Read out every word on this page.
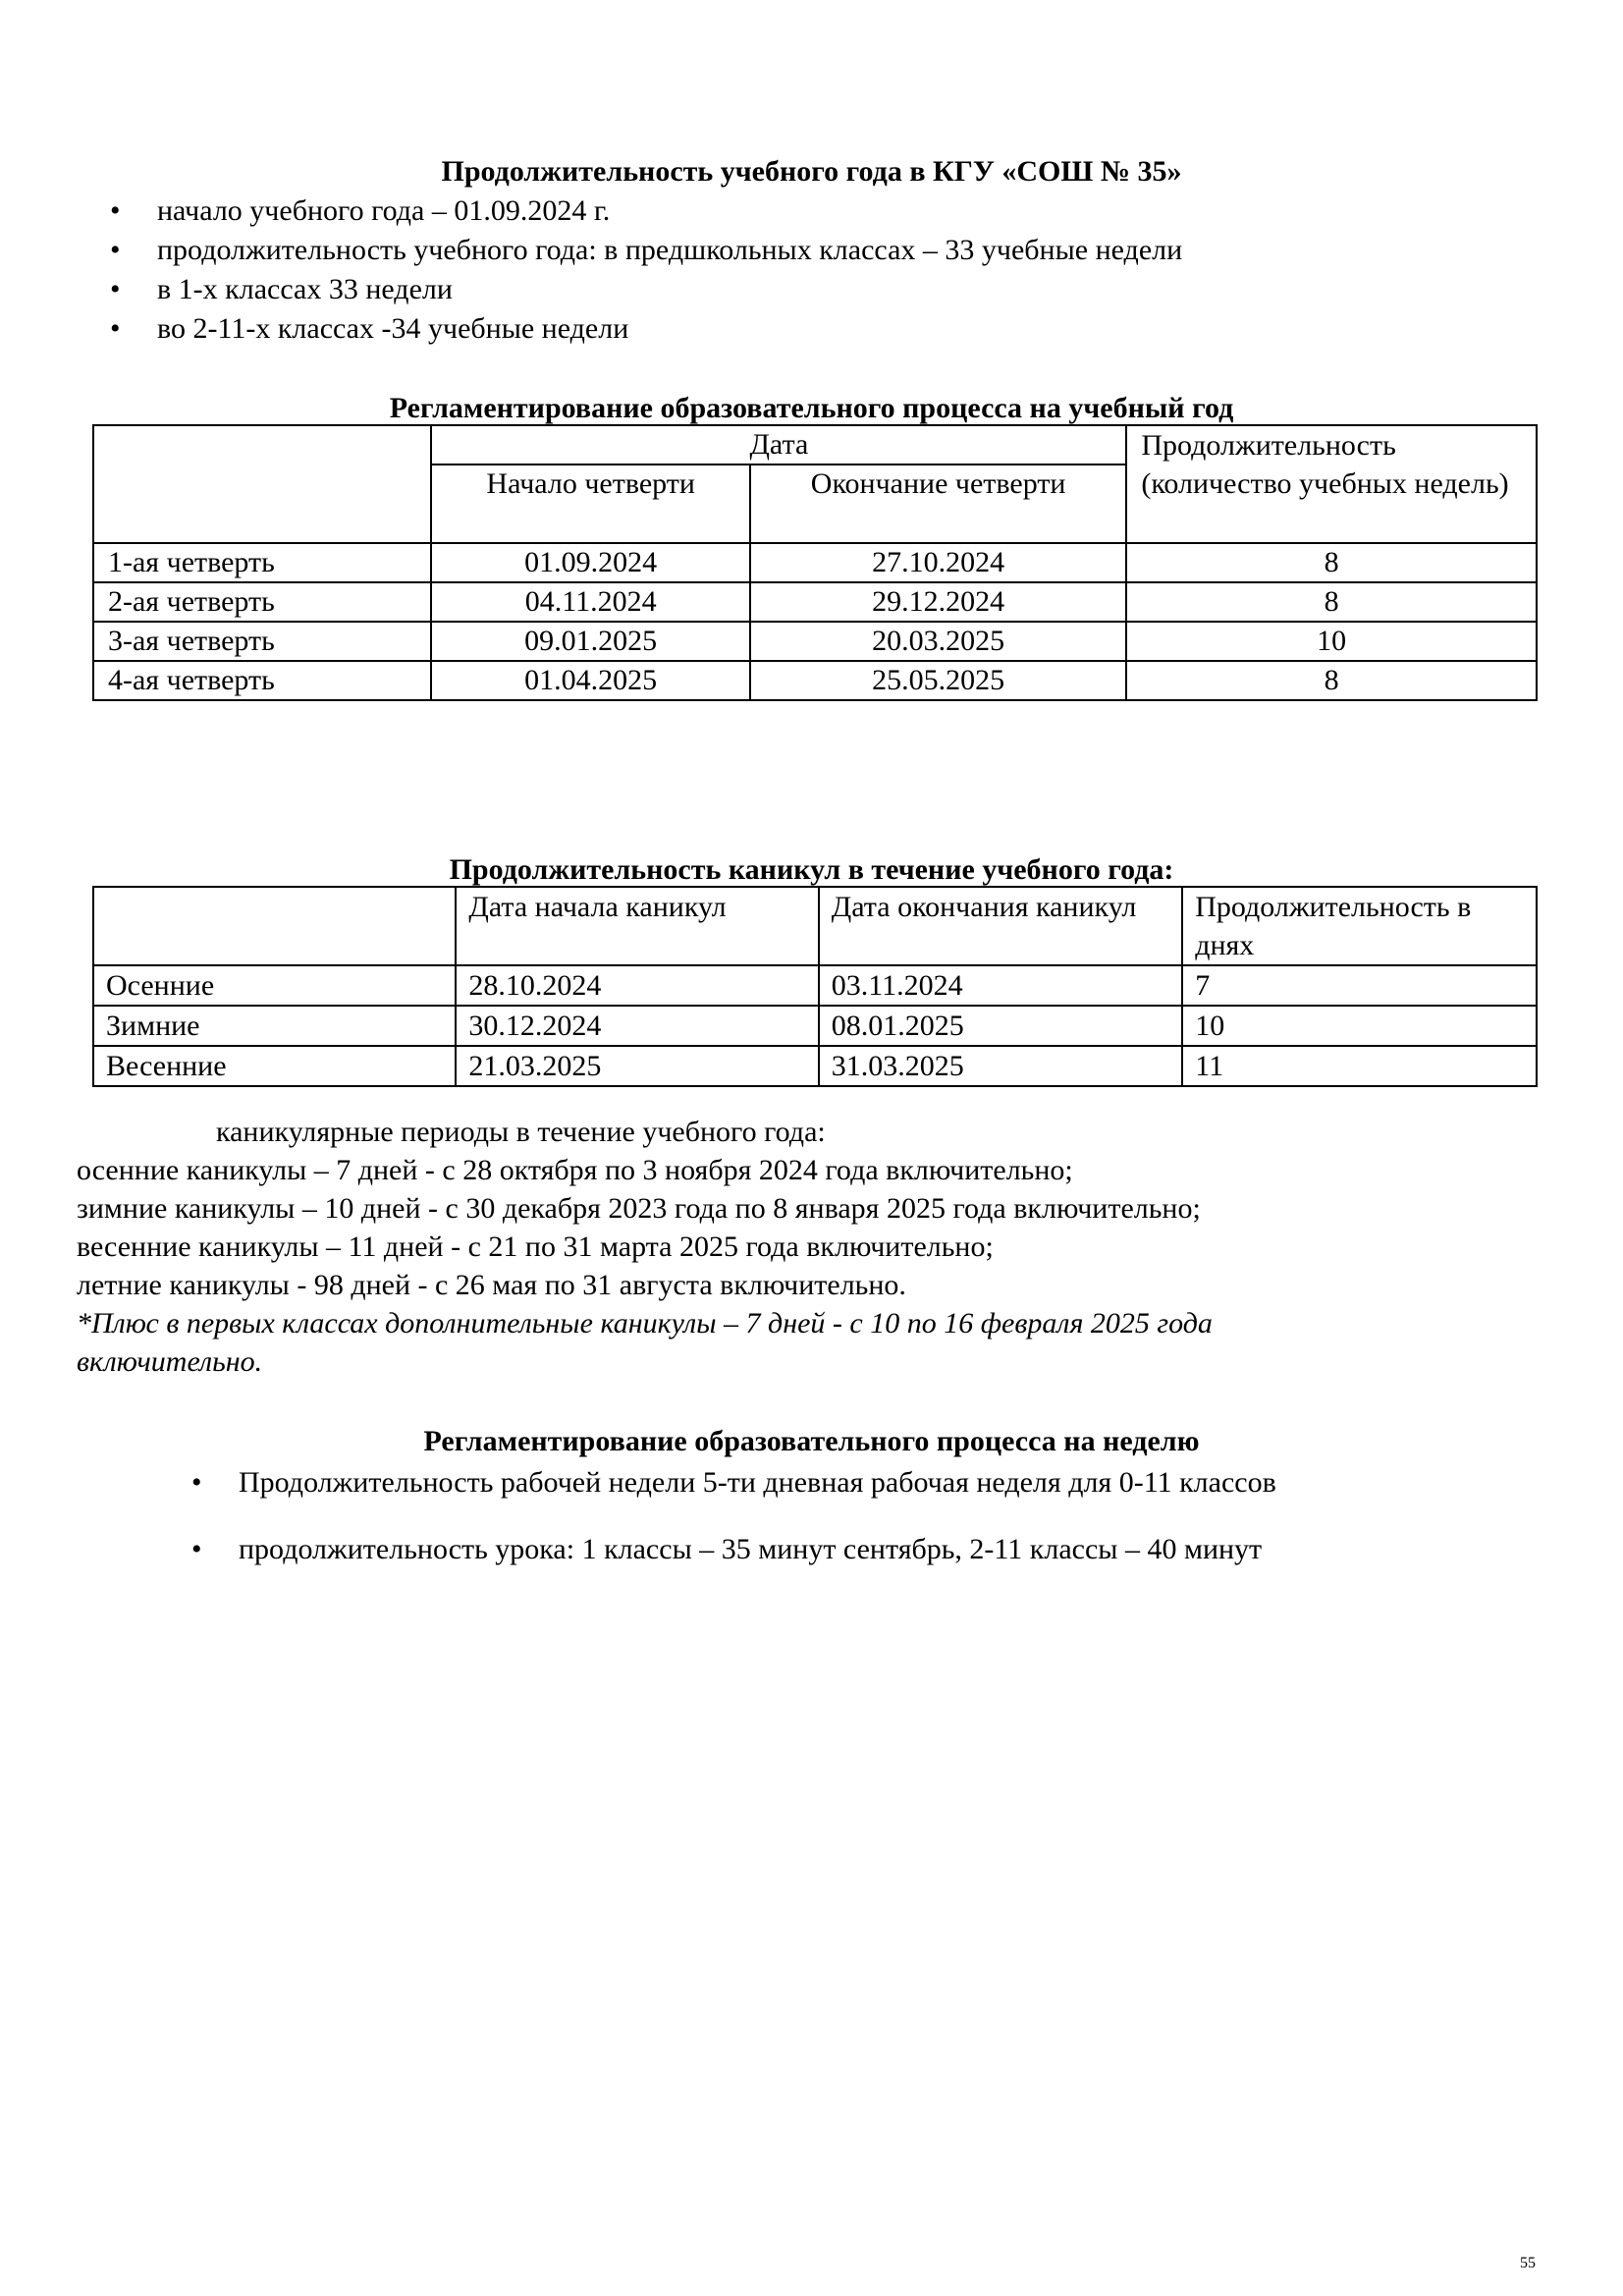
Продолжительность учебного года в КГУ «СОШ № 35»
• начало учебного года – 01.09.2024 г.
• продолжительность учебного года: в предшкольных классах – 33 учебные недели
• в 1-х классах 33 недели
• во 2-11-х классах -34 учебные недели
Регламентирование образовательного процесса на учебный год
	Дата		Продолжительность (количество учебных недель)
	Начало четверти	Окончание четверти	
1-ая четверть	01.09.2024	27.10.2024	8
2-ая четверть	04.11.2024	29.12.2024	8
3-ая четверть	09.01.2025	20.03.2025	10
4-ая четверть	01.04.2025	25.05.2025	8
Продолжительность каникул в течение учебного года:
	Дата начала каникул	Дата окончания каникул	Продолжительность в днях
Осенние	28.10.2024	03.11.2024	7
Зимние	30.12.2024	08.01.2025	10
Весенние	21.03.2025	31.03.2025	11

каникулярные периоды в течение учебного года:

осенние каникулы – 7 дней - с 28 октября по 3 ноября 2024 года включительно;

зимние каникулы – 10 дней - с 30 декабря 2023 года по 8 января 2025 года включительно;

весенние каникулы – 11 дней - с 21 по 31 марта 2025 года включительно;

летние каникулы - 98 дней - с 26 мая по 31 августа включительно.

*Плюс в первых классах дополнительные каникулы – 7 дней - с 10 по 16 февраля 2025 года

включительно.

Регламентирование образовательного процесса на неделю
• Продолжительность рабочей недели 5-ти дневная рабочая неделя для 0-11 классов
• продолжительность урока: 1 классы – 35 минут сентябрь, 2-11 классы – 40 минут
55
